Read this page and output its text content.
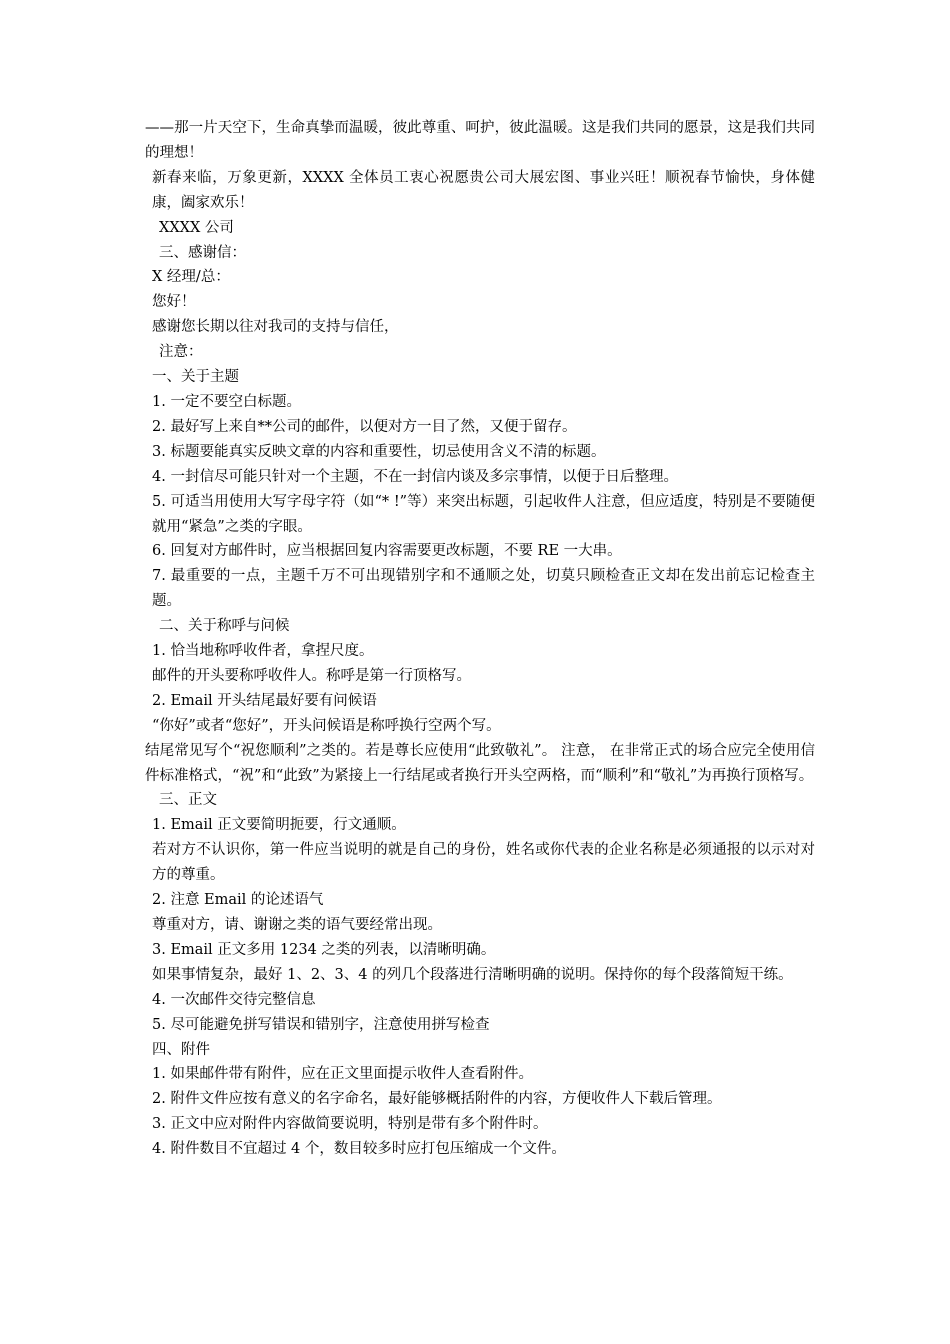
——那一片天空下，生命真挚而温暖，彼此尊重、呵护，彼此温暖。这是我们共同的愿景，这是我们共同的理想！

新春来临，万象更新，XXXX 全体员工衷心祝愿贵公司大展宏图、事业兴旺！顺祝春节愉快，身体健康，阖家欢乐！

XXXX 公司

三、感谢信：

X 经理/总：

您好！

感谢您长期以往对我司的支持与信任，

注意：

一、关于主题

1. 一定不要空白标题。

2. 最好写上来自**公司的邮件，以便对方一目了然，又便于留存。

3. 标题要能真实反映文章的内容和重要性，切忌使用含义不清的标题。

4. 一封信尽可能只针对一个主题，不在一封信内谈及多宗事情，以便于日后整理。

5. 可适当用使用大写字母字符（如“* !”等）来突出标题，引起收件人注意，但应适度，特别是不要随便就用“紧急”之类的字眼。

6. 回复对方邮件时，应当根据回复内容需要更改标题，不要 RE 一大串。

7. 最重要的一点，主题千万不可出现错别字和不通顺之处，切莫只顾检查正文却在发出前忘记检查主题。

二、关于称呼与问候

1. 恰当地称呼收件者，拿捏尺度。

邮件的开头要称呼收件人。称呼是第一行顶格写。

2. Email 开头结尾最好要有问候语

“你好”或者“您好”，开头问候语是称呼换行空两个写。

结尾常见写个“祝您顺利”之类的。若是尊长应使用“此致敬礼”。 注意， 在非常正式的场合应完全使用信件标准格式，“祝”和“此致”为紧接上一行结尾或者换行开头空两格，而“顺利”和“敬礼”为再换行顶格写。

三、正文

1. Email 正文要简明扼要，行文通顺。

若对方不认识你，第一件应当说明的就是自己的身份，姓名或你代表的企业名称是必须通报的以示对对方的尊重。

2. 注意 Email 的论述语气

尊重对方，请、谢谢之类的语气要经常出现。

3. Email 正文多用 1234 之类的列表，以清晰明确。

如果事情复杂，最好 1、2、3、4 的列几个段落进行清晰明确的说明。保持你的每个段落简短干练。

4. 一次邮件交待完整信息

5. 尽可能避免拼写错误和错别字，注意使用拼写检查

四、附件

1. 如果邮件带有附件，应在正文里面提示收件人查看附件。

2. 附件文件应按有意义的名字命名，最好能够概括附件的内容，方便收件人下载后管理。

3. 正文中应对附件内容做简要说明，特别是带有多个附件时。

4. 附件数目不宜超过 4 个，数目较多时应打包压缩成一个文件。
